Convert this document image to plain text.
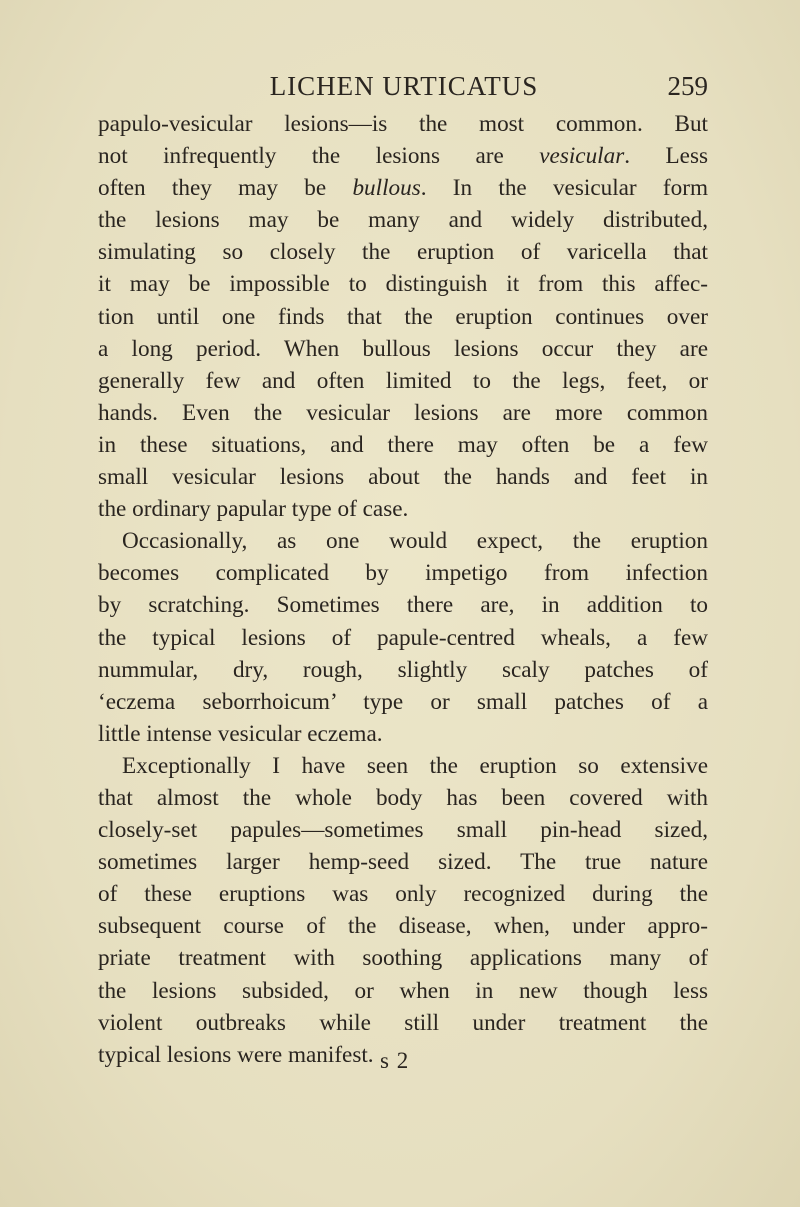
LICHEN URTICATUS	259
papulo-vesicular lesions—is the most common. But
not infrequently the lesions are vesicular. Less
often they may be bullous. In the vesicular form
the lesions may be many and widely distributed,
simulating so closely the eruption of varicella that
it may be impossible to distinguish it from this affec-
tion until one finds that the eruption continues over
a long period. When bullous lesions occur they are
generally few and often limited to the legs, feet, or
hands. Even the vesicular lesions are more common
in these situations, and there may often be a few
small vesicular lesions about the hands and feet in
the ordinary papular type of case.
Occasionally, as one would expect, the eruption
becomes complicated by impetigo from infection
by scratching. Sometimes there are, in addition to
the typical lesions of papule-centred wheals, a few
nummular, dry, rough, slightly scaly patches of
‘eczema seborrhoicum’ type or small patches of a
little intense vesicular eczema.
Exceptionally I have seen the eruption so extensive
that almost the whole body has been covered with
closely-set papules—sometimes small pin-head sized,
sometimes larger hemp-seed sized. The true nature
of these eruptions was only recognized during the
subsequent course of the disease, when, under appro-
priate treatment with soothing applications many of
the lesions subsided, or when in new though less
violent outbreaks while still under treatment the
typical lesions were manifest. s 2
